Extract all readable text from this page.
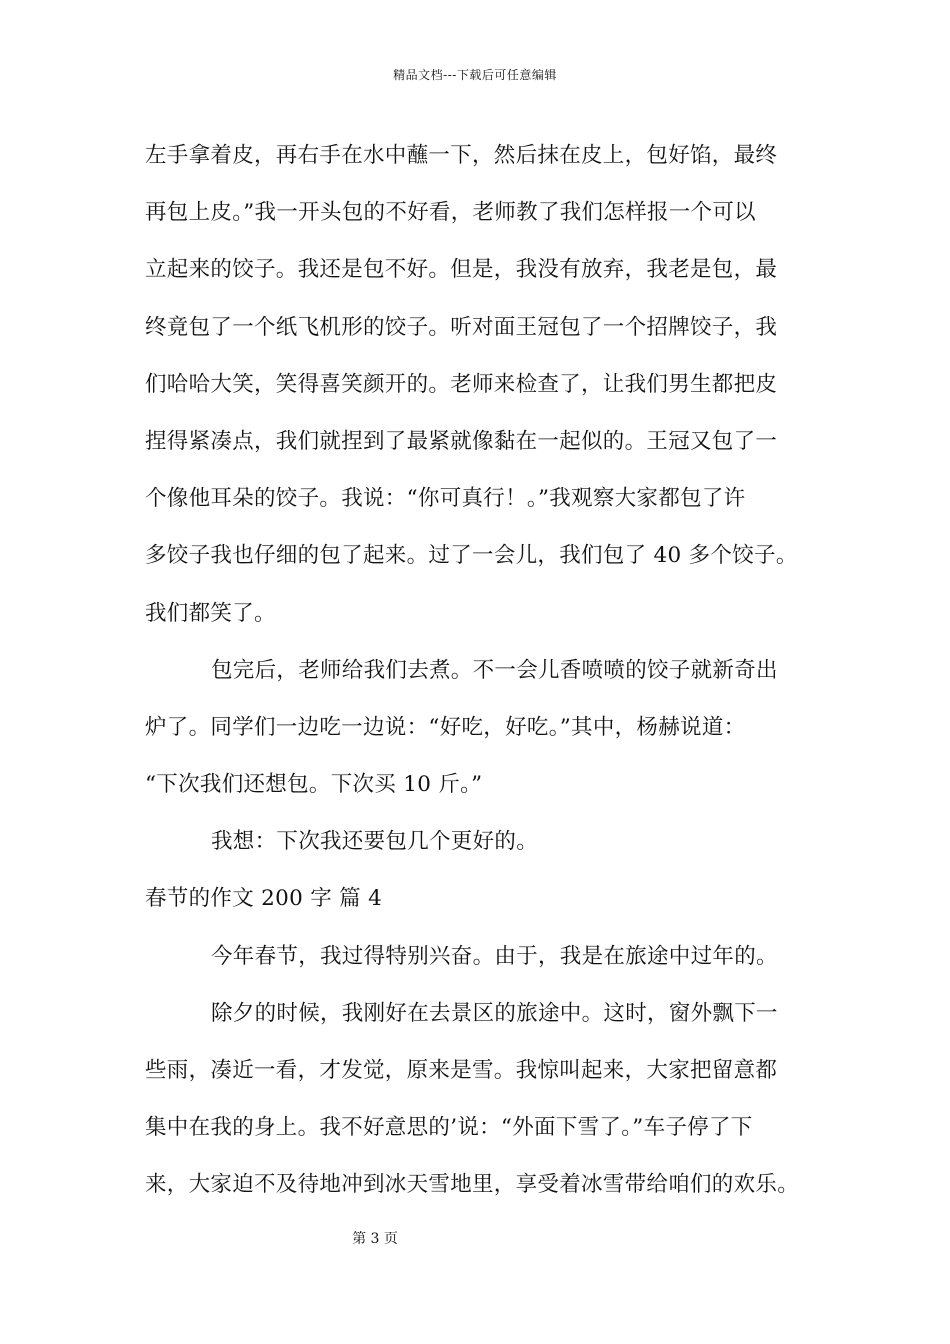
精品文档---下载后可任意编辑
左手拿着皮，再右手在水中蘸一下，然后抹在皮上，包好馅，最终
再包上皮。”我一开头包的不好看，老师教了我们怎样报一个可以
立起来的饺子。我还是包不好。但是，我没有放弃，我老是包，最
终竟包了一个纸飞机形的饺子。听对面王冠包了一个招牌饺子，我
们哈哈大笑，笑得喜笑颜开的。老师来检查了，让我们男生都把皮
捏得紧凑点，我们就捏到了最紧就像黏在一起似的。王冠又包了一
个像他耳朵的饺子。我说：“你可真行！。”我观察大家都包了许
多饺子我也仔细的包了起来。过了一会儿，我们包了 40 多个饺子。
我们都笑了。
包完后，老师给我们去煮。不一会儿香喷喷的饺子就新奇出
炉了。同学们一边吃一边说：“好吃，好吃。”其中，杨赫说道：
“下次我们还想包。下次买 10 斤。”
我想：下次我还要包几个更好的。
春节的作文 200 字 篇 4
今年春节，我过得特别兴奋。由于，我是在旅途中过年的。
除夕的时候，我刚好在去景区的旅途中。这时，窗外飘下一
些雨，凑近一看，才发觉，原来是雪。我惊叫起来，大家把留意都
集中在我的身上。我不好意思的’说：“外面下雪了。”车子停了下
来，大家迫不及待地冲到冰天雪地里，享受着冰雪带给咱们的欢乐。
第 3 页
